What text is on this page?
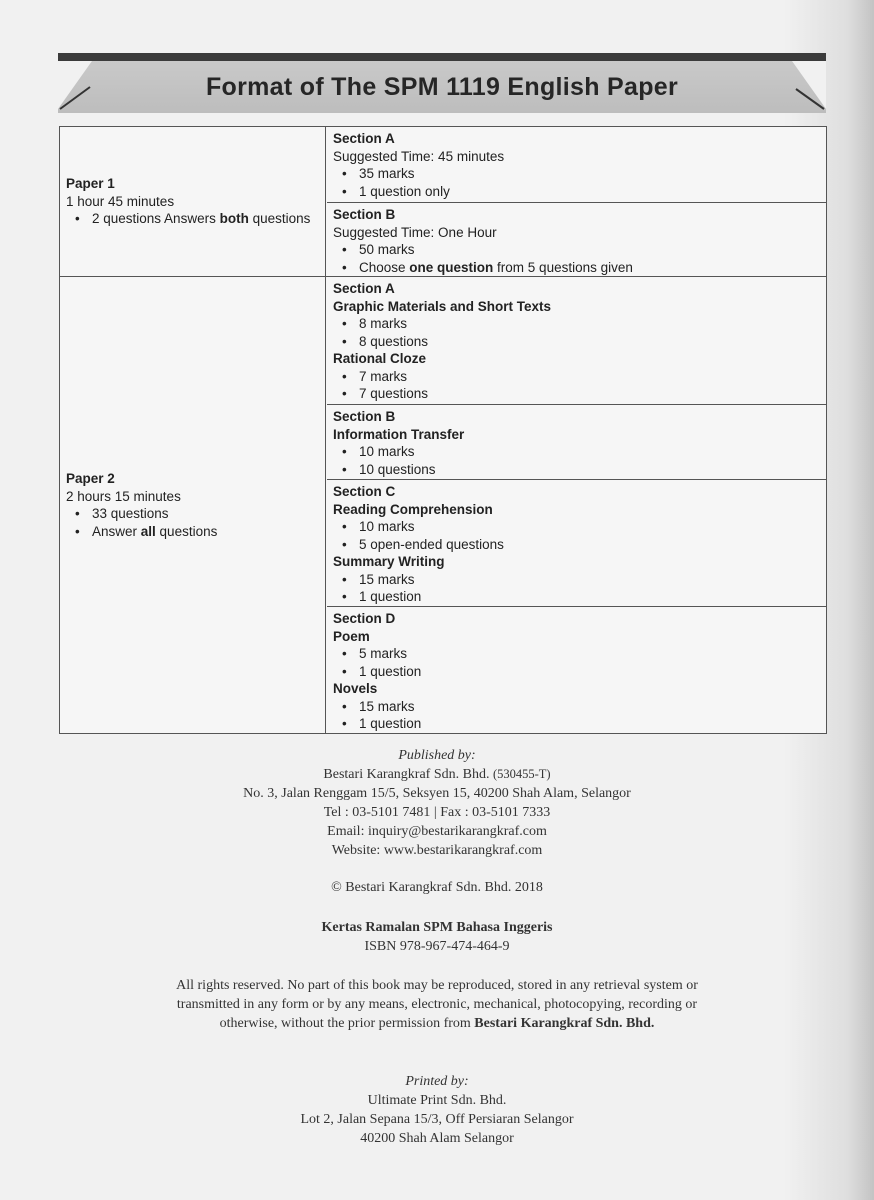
Format of The SPM 1119 English Paper
Paper 1
1 hour 45 minutes
• 2 questions Answers both questions
Section A
Suggested Time: 45 minutes
• 35 marks
• 1 question only
Section B
Suggested Time: One Hour
• 50 marks
• Choose one question from 5 questions given
Paper 2
2 hours 15 minutes
• 33 questions
• Answer all questions
Section A
Graphic Materials and Short Texts
• 8 marks
• 8 questions
Rational Cloze
• 7 marks
• 7 questions
Section B
Information Transfer
• 10 marks
• 10 questions
Section C
Reading Comprehension
• 10 marks
• 5 open-ended questions
Summary Writing
• 15 marks
• 1 question
Section D
Poem
• 5 marks
• 1 question
Novels
• 15 marks
• 1 question
Published by:
Bestari Karangkraf Sdn. Bhd. (530455-T)
No. 3, Jalan Renggam 15/5, Seksyen 15, 40200 Shah Alam, Selangor
Tel : 03-5101 7481 | Fax : 03-5101 7333
Email: inquiry@bestarikarangkraf.com
Website: www.bestarikarangkraf.com
© Bestari Karangkraf Sdn. Bhd. 2018
Kertas Ramalan SPM Bahasa Inggeris
ISBN 978-967-474-464-9
All rights reserved. No part of this book may be reproduced, stored in any retrieval system or
transmitted in any form or by any means, electronic, mechanical, photocopying, recording or
otherwise, without the prior permission from Bestari Karangkraf Sdn. Bhd.
Printed by:
Ultimate Print Sdn. Bhd.
Lot 2, Jalan Sepana 15/3, Off Persiaran Selangor
40200 Shah Alam Selangor
